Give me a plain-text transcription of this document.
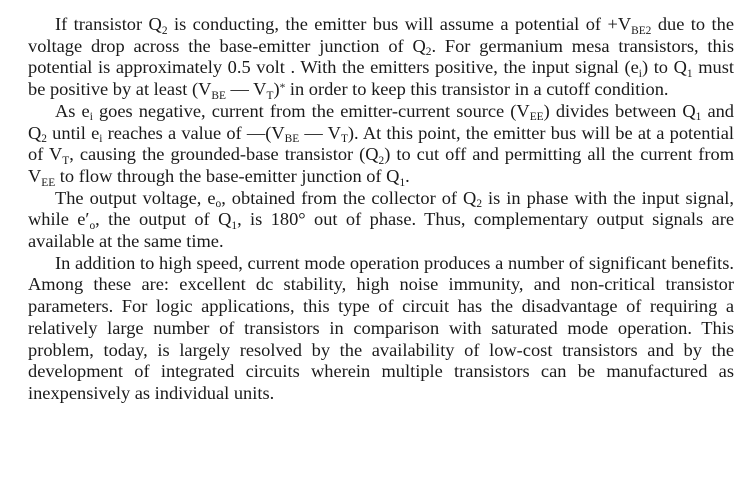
If transistor $Q_2$ is conducting, the emitter bus will assume a potential of $+V_{BE2}$ due to the voltage drop across the base-emitter junction of $Q_2$. For germanium mesa transistors, this potential is approximately 0.5 volt . With the emitters positive, the input signal $(e_i)$ to $Q_1$ must be positive by at least ($V_{BE}$ — $V_T)^*$ in order to keep this transistor in a cutoff condition.

As $e_i$ goes negative, current from the emitter-current source $(V_{EE})$ divides between $Q_1$ and $Q_2$ until $e_i$ reaches a value of $—(V_{BE}$ — $V_T$). At this point, the emitter bus will be at a potential of $V_T$, causing the grounded-base transistor $(Q_2)$ to cut off and permitting all the current from $V_{EE}$ to flow through the base-emitter junction of $Q_1$.

The output voltage, $e_o$, obtained from the collector of $Q_2$ is in phase with the input signal, while $e'_o$, the output of $Q_1$, is 180° out of phase. Thus, complementary output signals are available at the same time.

In addition to high speed, current mode operation produces a number of significant benefits. Among these are: excellent dc stability, high noise immunity, and non-critical transistor parameters. For logic applications, this type of circuit has the disadvantage of requiring a relatively large number of transistors in comparison with saturated mode operation. This problem, today, is largely resolved by the availability of low-cost transistors and by the development of integrated circuits wherein multiple transistors can be manufactured as inexpensively as individual units.
